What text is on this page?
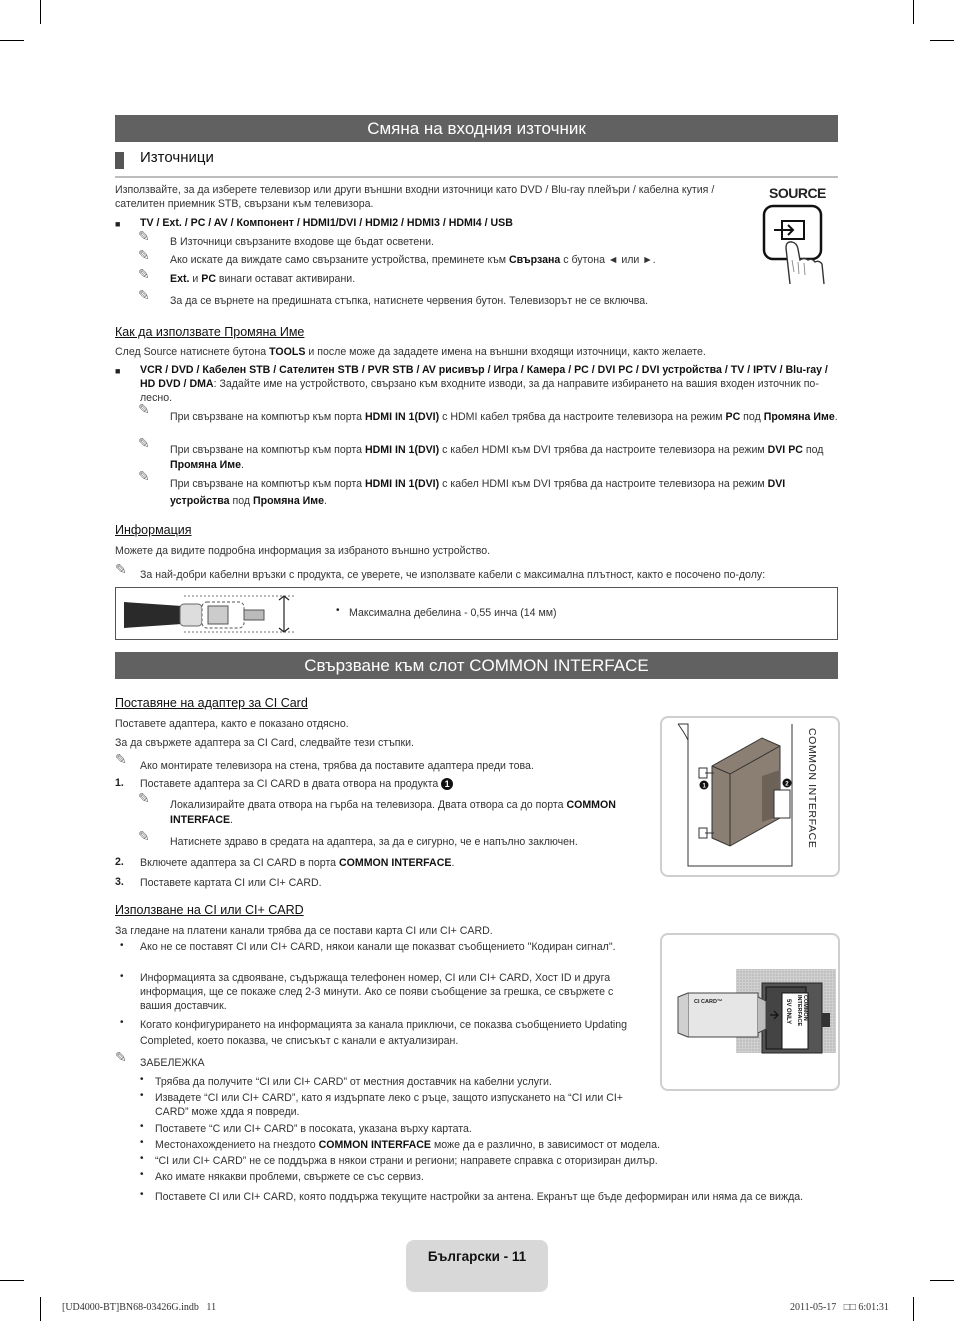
Смяна на входния източник
Източници
Използвайте, за да изберете телевизор или други външни входни източници като DVD / Blu-ray плейъри / кабелна кутия / сателитен приемник STB, свързани към телевизора.
■ TV / Ext. / PC / AV / Компонент / HDMI1/DVI / HDMI2 / HDMI3 / HDMI4 / USB
✎ В Източници свързаните входове ще бъдат осветени.
✎ Ако искате да виждате само свързаните устройства, преминете към Свързана с бутона ◄ или ►.
✎ Ext. и PC винаги остават активирани.
✎ За да се върнете на предишната стъпка, натиснете червения бутон. Телевизорът не се включва.
SOURCE
Как да използвате Промяна Име
След Source натиснете бутона TOOLS и после може да зададете имена на външни входящи източници, както желаете.
■ VCR / DVD / Кабелен STB / Сателитен STB / PVR STB / AV рисивър / Игра / Камера / PC / DVI PC / DVI устройства / TV / IPTV / Blu-ray / HD DVD / DMA: Задайте име на устройството, свързано към входните изводи, за да направите избирането на вашия входен източник по-лесно.
✎ При свързване на компютър към порта HDMI IN 1(DVI) с HDMI кабел трябва да настроите телевизора на режим PC под Промяна Име.
✎ При свързване на компютър към порта HDMI IN 1(DVI) с кабел HDMI към DVI трябва да настроите телевизора на режим DVI PC под Промяна Име.
✎ При свързване на компютър към порта HDMI IN 1(DVI) с кабел HDMI към DVI трябва да настроите телевизора на режим DVI устройства под Промяна Име.
Информация
Можете да видите подробна информация за избраното външно устройство.
✎ За най-добри кабелни връзки с продукта, се уверете, че използвате кабели с максимална плътност, както е посочено по-долу:
• Максимална дебелина - 0,55 инча (14 мм)
Свързване към слот COMMON INTERFACE
Поставяне на адаптер за CI Card
Поставете адаптера, както е показано отдясно.
За да свържете адаптера за CI Card, следвайте тези стъпки.
✎ Ако монтирате телевизора на стена, трябва да поставите адаптера преди това.
1. Поставете адаптера за CI CARD в двата отвора на продукта 1
✎ Локализирайте двата отвора на гърба на телевизора. Двата отвора са до порта COMMON INTERFACE.
✎ Натиснете здраво в средата на адаптера, за да е сигурно, че е напълно заключен.
2. Включете адаптера за CI CARD в порта COMMON INTERFACE.
3. Поставете картата CI или CI+ CARD.
1	2	COMMON INTERFACE
Използване на CI или CI+ CARD
За гледане на платени канали трябва да се постави карта CI или CI+ CARD.
• Ако не се поставят CI или CI+ CARD, някои канали ще показват съобщението "Кодиран сигнал".
• Информацията за сдвояване, съдържаща телефонен номер, CI или CI+ CARD, Хост ID и друга информация, ще се покаже след 2-3 минути. Ако се появи съобщение за грешка, се свържете с вашия доставчик.
• Когато конфигурирането на информацията за канала приключи, се показва съобщението Updating Completed, което показва, че списъкът с канали е актуализиран.
✎ ЗАБЕЛЕЖКА
• Трябва да получите “CI или CI+ CARD” от местния доставчик на кабелни услуги.
• Извадете “CI или CI+ CARD”, като я издърпате леко с ръце, защото изпускането на “CI или CI+ CARD” може хдда я повреди.
• Поставете “С или CI+ CARD” в посоката, указана върху картата.
• Местонахождението на гнездото COMMON INTERFACE може да е различно, в зависимост от модела.
• “CI или CI+ CARD” не се поддържа в някои страни и региони; направете справка с оторизиран дилър.
• Ако имате някакви проблеми, свържете се със сервиз.
• Поставете CI или CI+ CARD, която поддържа текущите настройки за антена. Екранът ще бъде деформиран или няма да се вижда.
CI CARD™	COMMON INTERFACE
5V ONLY
Български - 11
[UD4000-BT]BN68-03426G.indb   11	2011-05-17   □□ 6:01:31
